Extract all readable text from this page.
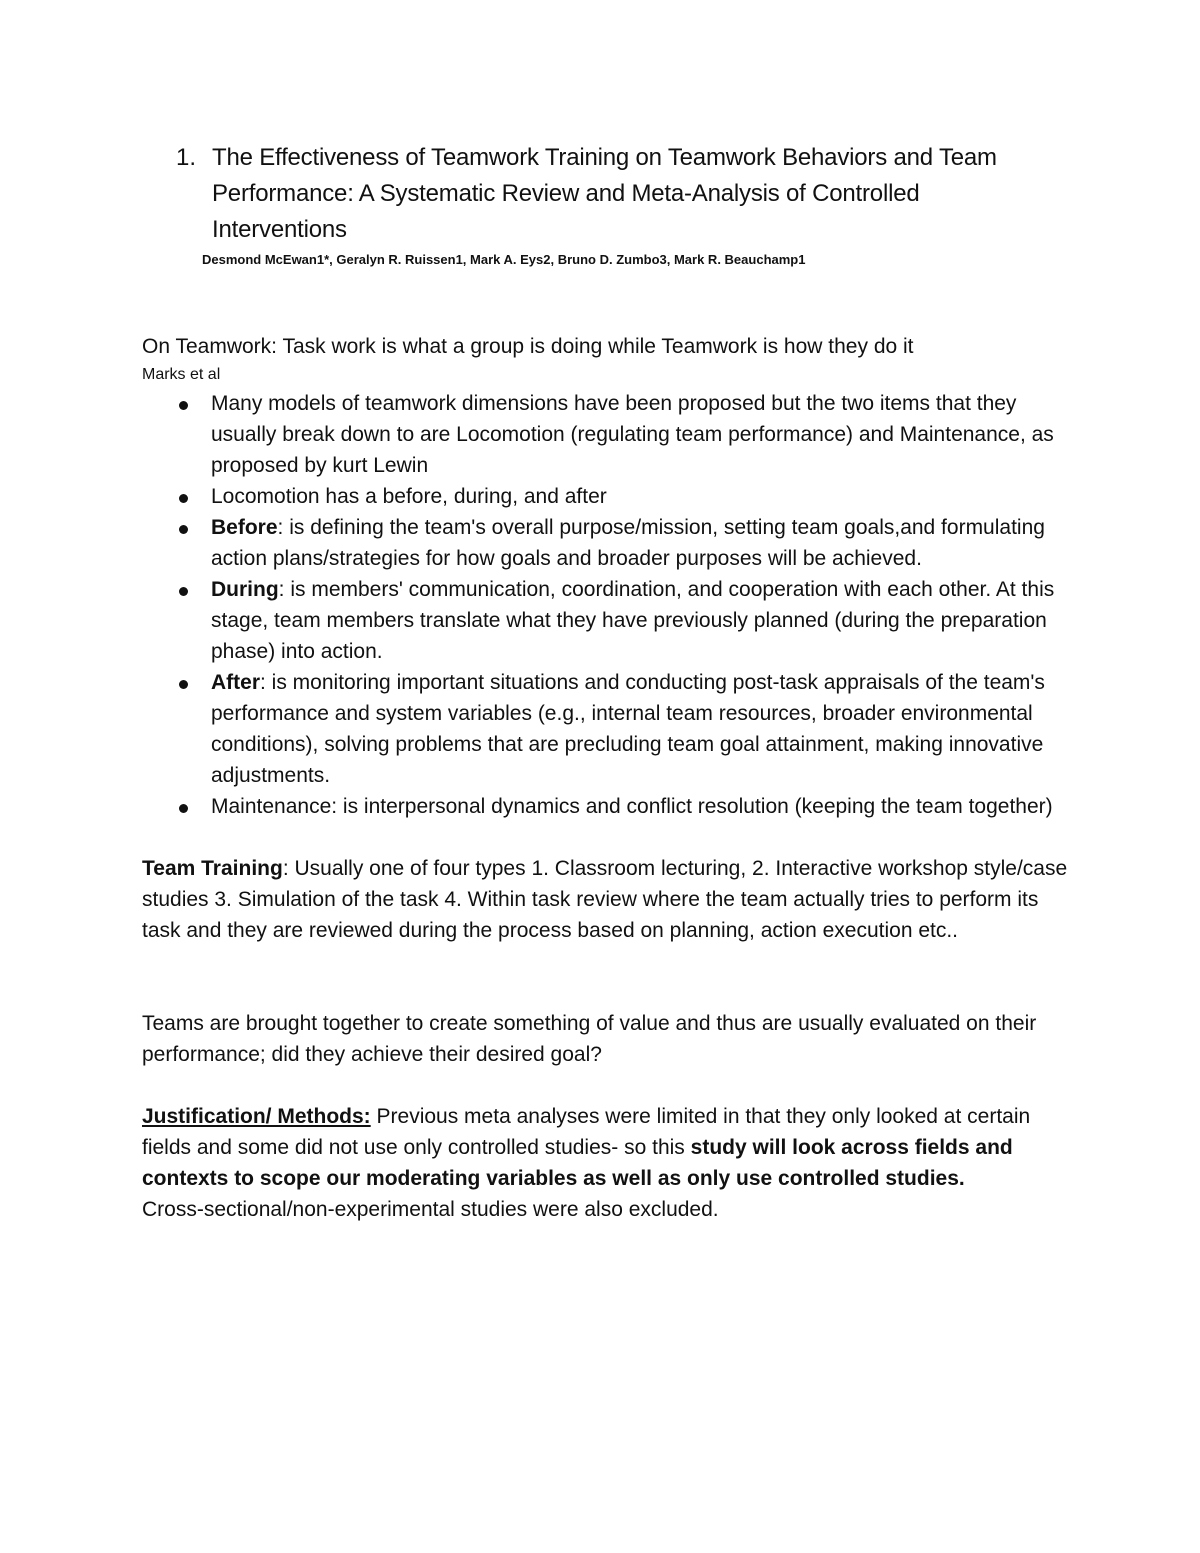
1. The Effectiveness of Teamwork Training on Teamwork Behaviors and Team Performance: A Systematic Review and Meta-Analysis of Controlled Interventions
Desmond McEwan1*, Geralyn R. Ruissen1, Mark A. Eys2, Bruno D. Zumbo3, Mark R. Beauchamp1

On Teamwork: Task work is what a group is doing while Teamwork is how they do it

Marks et al

Many models of teamwork dimensions have been proposed but the two items that they usually break down to are Locomotion (regulating team performance) and Maintenance, as proposed by kurt Lewin
Locomotion has a before, during, and after
Before: is defining the team's overall purpose/mission, setting team goals,and formulating action plans/strategies for how goals and broader purposes will be achieved.
During: is members' communication, coordination, and cooperation with each other. At this stage, team members translate what they have previously planned (during the preparation phase) into action.
After: is monitoring important situations and conducting post-task appraisals of the team's performance and system variables (e.g., internal team resources, broader environmental conditions), solving problems that are precluding team goal attainment, making innovative adjustments.
Maintenance: is interpersonal dynamics and conflict resolution (keeping the team together)

Team Training: Usually one of four types 1. Classroom lecturing, 2. Interactive workshop style/case studies 3. Simulation of the task 4. Within task review where the team actually tries to perform its task and they are reviewed during the process based on planning, action execution etc..

Teams are brought together to create something of value and thus are usually evaluated on their performance; did they achieve their desired goal?

Justification/ Methods: Previous meta analyses were limited in that they only looked at certain fields and some did not use only controlled studies- so this study will look across fields and contexts to scope our moderating variables as well as only use controlled studies.

Cross-sectional/non-experimental studies were also excluded.
